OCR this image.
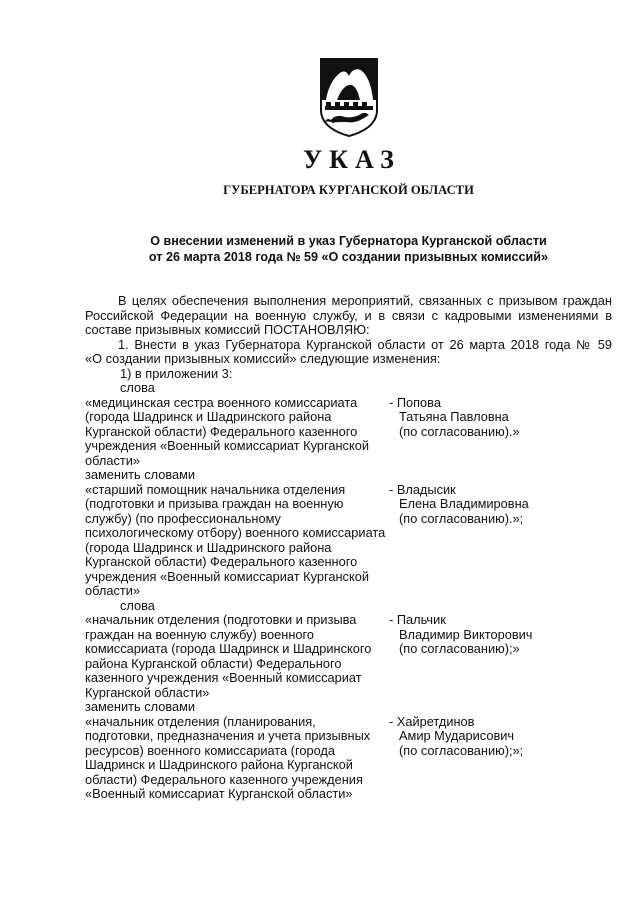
УКАЗ
ГУБЕРНАТОРА КУРГАНСКОЙ ОБЛАСТИ
О внесении изменений в указ Губернатора Курганской области
от 26 марта 2018 года № 59 «О создании призывных комиссий»
В целях обеспечения выполнения мероприятий, связанных с призывом граждан
Российской Федерации на военную службу, и в связи с кадровыми изменениями в
составе призывных комиссий ПОСТАНОВЛЯЮ:
1. Внести в указ Губернатора Курганской области от 26 марта 2018 года № 59
«О создании призывных комиссий» следующие изменения:
1) в приложении 3:
слова
«медицинская сестра военного комиссариата
(города Шадринск и Шадринского района
Курганской области) Федерального казенного
учреждения «Военный комиссариат Курганской
области»
- Попова
Татьяна Павловна
(по согласованию).»
заменить словами
«старший помощник начальника отделения
(подготовки и призыва граждан на военную
службу) (по профессиональному
психологическому отбору) военного комиссариата
(города Шадринск и Шадринского района
Курганской области) Федерального казенного
учреждения «Военный комиссариат Курганской
области»
- Владысик
Елена Владимировна
(по согласованию).»;
слова
«начальник отделения (подготовки и призыва
граждан на военную службу) военного
комиссариата (города Шадринск и Шадринского
района Курганской области) Федерального
казенного учреждения «Военный комиссариат
Курганской области»
- Пальчик
Владимир Викторович
(по согласованию);»
заменить словами
«начальник отделения (планирования,
подготовки, предназначения и учета призывных
ресурсов) военного комиссариата (города
Шадринск и Шадринского района Курганской
области) Федерального казенного учреждения
«Военный комиссариат Курганской области»
- Хайретдинов
Амир Мударисович
(по согласованию);»;
